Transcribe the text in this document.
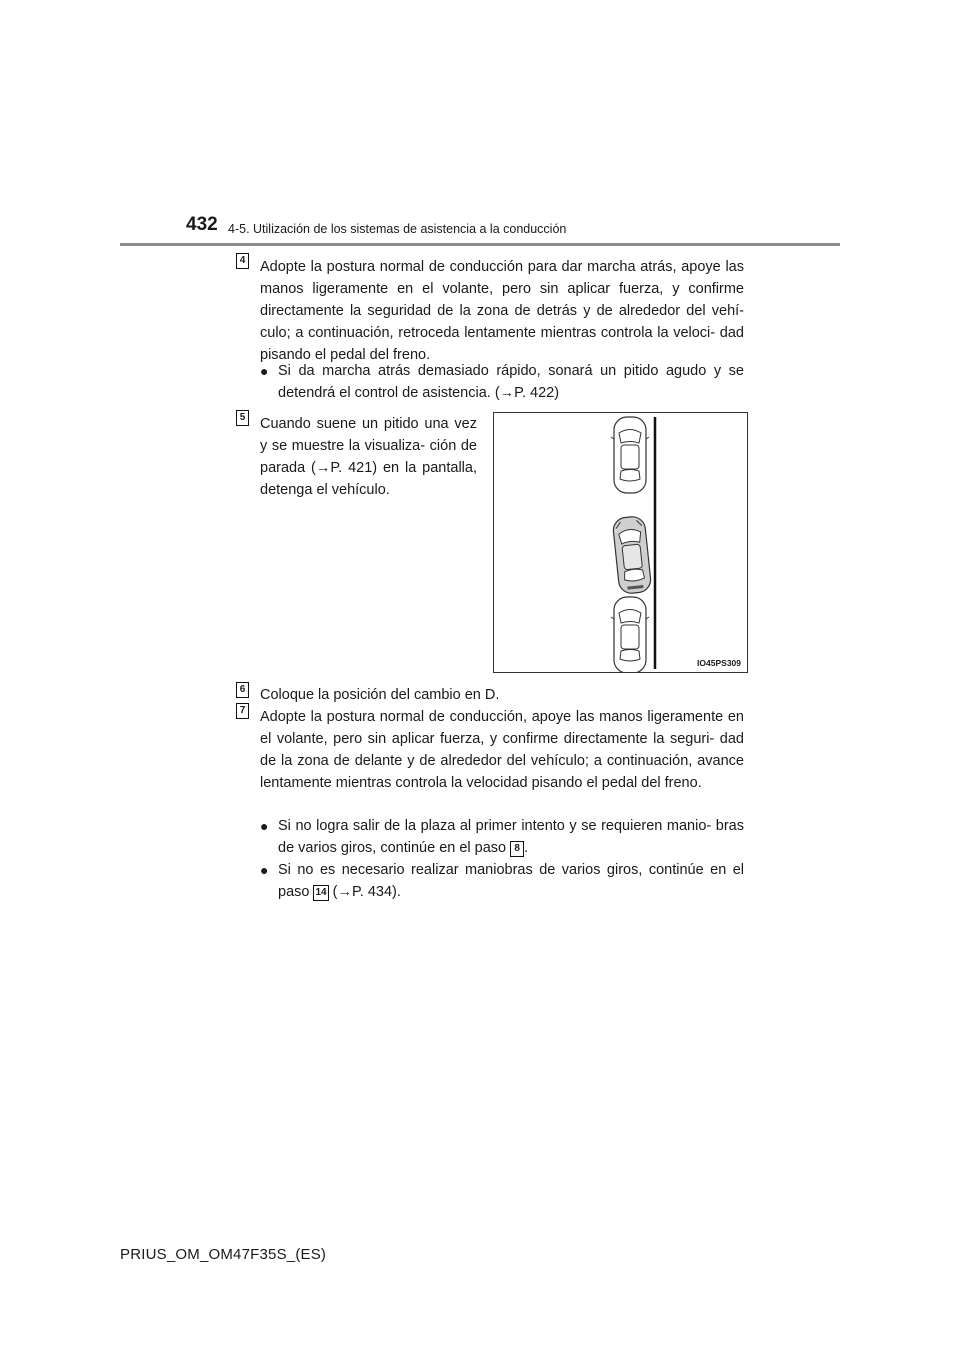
432 4-5. Utilización de los sistemas de asistencia a la conducción
4 Adopte la postura normal de conducción para dar marcha atrás, apoye las manos ligeramente en el volante, pero sin aplicar fuerza, y confirme directamente la seguridad de la zona de detrás y de alrededor del vehí- culo; a continuación, retroceda lentamente mientras controla la veloci- dad pisando el pedal del freno.

● Si da marcha atrás demasiado rápido, sonará un pitido agudo y se detendrá el control de asistencia. (→P. 422)
5 Cuando suene un pitido una vez y se muestre la visualiza- ción de parada (→P. 421) en la pantalla, detenga el vehículo.

IO45PS309
6 Coloque la posición del cambio en D.

7 Adopte la postura normal de conducción, apoye las manos ligeramente en el volante, pero sin aplicar fuerza, y confirme directamente la seguri- dad de la zona de delante y de alrededor del vehículo; a continuación, avance lentamente mientras controla la velocidad pisando el pedal del freno.

● Si no logra salir de la plaza al primer intento y se requieren manio- bras de varios giros, continúe en el paso 8 .
● Si no es necesario realizar maniobras de varios giros, continúe en el paso 14 (→P. 434).
PRIUS_OM_OM47F35S_(ES)
